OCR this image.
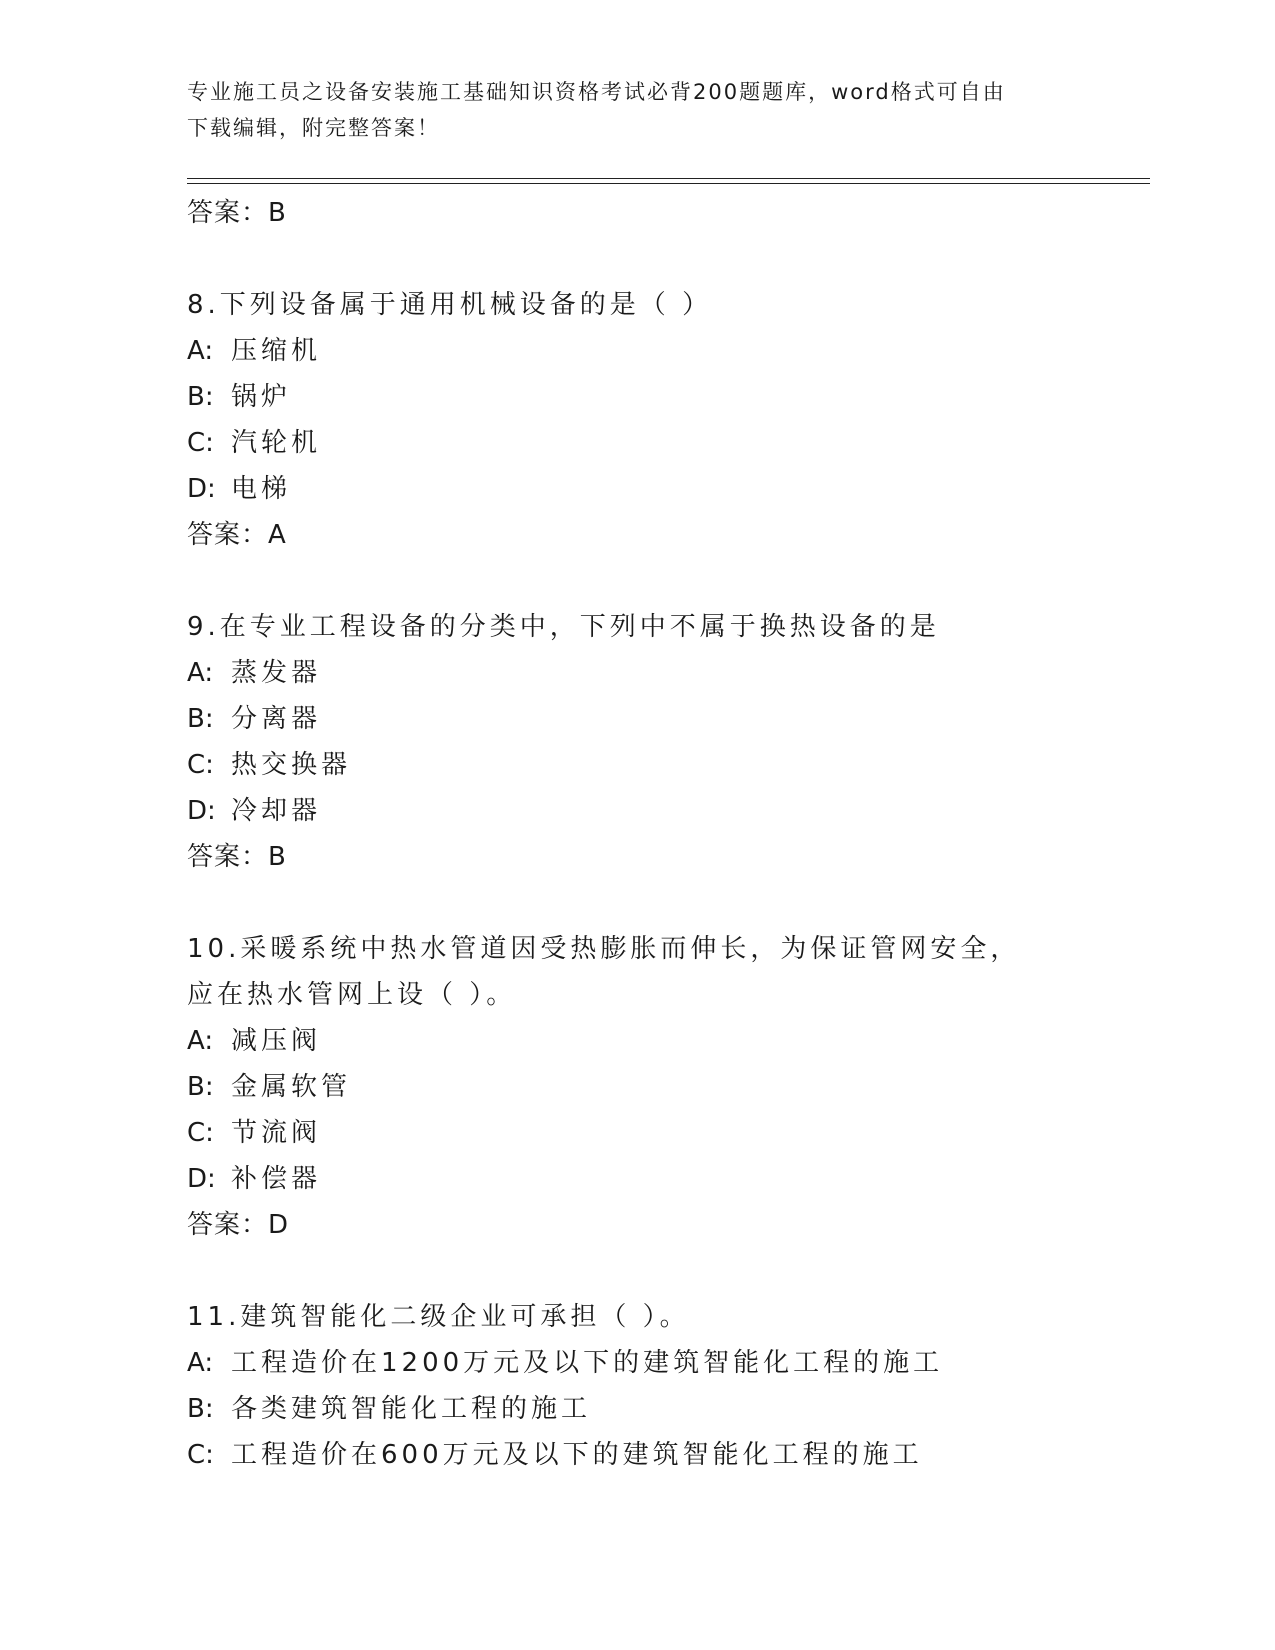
专业施工员之设备安装施工基础知识资格考试必背200题题库，word格式可自由
下载编辑，附完整答案！
答案：B
8.下列设备属于通用机械设备的是（ ）
A: 压缩机
B: 锅炉
C: 汽轮机
D: 电梯
答案：A
9.在专业工程设备的分类中，下列中不属于换热设备的是
A: 蒸发器
B: 分离器
C: 热交换器
D: 冷却器
答案：B
10.采暖系统中热水管道因受热膨胀而伸长，为保证管网安全，应在热水管网上设（ ）。
A: 减压阀
B: 金属软管
C: 节流阀
D: 补偿器
答案：D
11.建筑智能化二级企业可承担（ ）。
A: 工程造价在1200万元及以下的建筑智能化工程的施工
B: 各类建筑智能化工程的施工
C: 工程造价在600万元及以下的建筑智能化工程的施工
